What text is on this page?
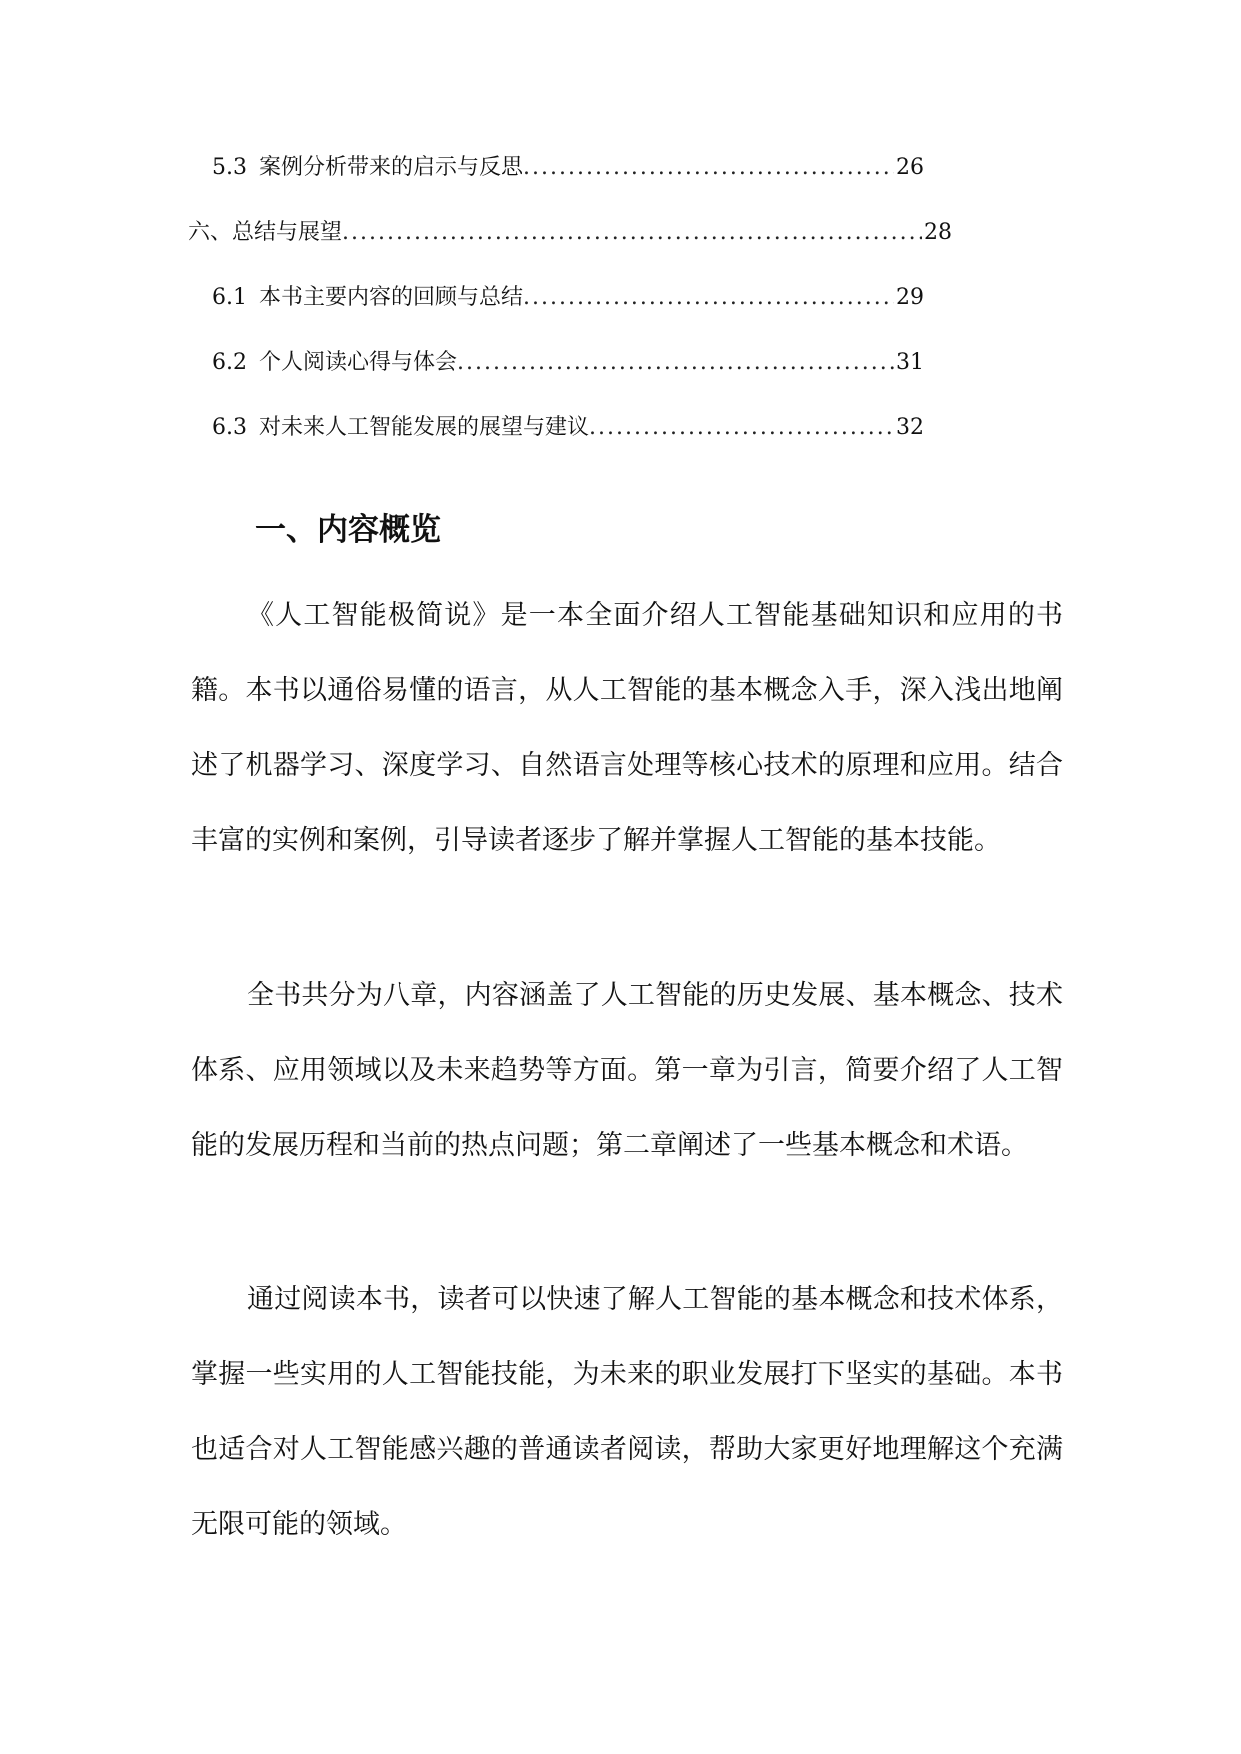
5.3 案例分析带来的启示与反思 .....	26
六、总结与展望 .....	28
6.1 本书主要内容的回顾与总结 .....	29
6.2 个人阅读心得与体会 .....	31
6.3 对未来人工智能发展的展望与建议 .....	32
一、内容概览

《人工智能极简说》是一本全面介绍人工智能基础知识和应用的书籍。本书以通俗易懂的语言，从人工智能的基本概念入手，深入浅出地阐述了机器学习、深度学习、自然语言处理等核心技术的原理和应用。结合丰富的实例和案例，引导读者逐步了解并掌握人工智能的基本技能。

全书共分为八章，内容涵盖了人工智能的历史发展、基本概念、技术体系、应用领域以及未来趋势等方面。第一章为引言，简要介绍了人工智能的发展历程和当前的热点问题；第二章阐述了一些基本概念和术语。

通过阅读本书，读者可以快速了解人工智能的基本概念和技术体系，掌握一些实用的人工智能技能，为未来的职业发展打下坚实的基础。本书也适合对人工智能感兴趣的普通读者阅读，帮助大家更好地理解这个充满无限可能的领域。
